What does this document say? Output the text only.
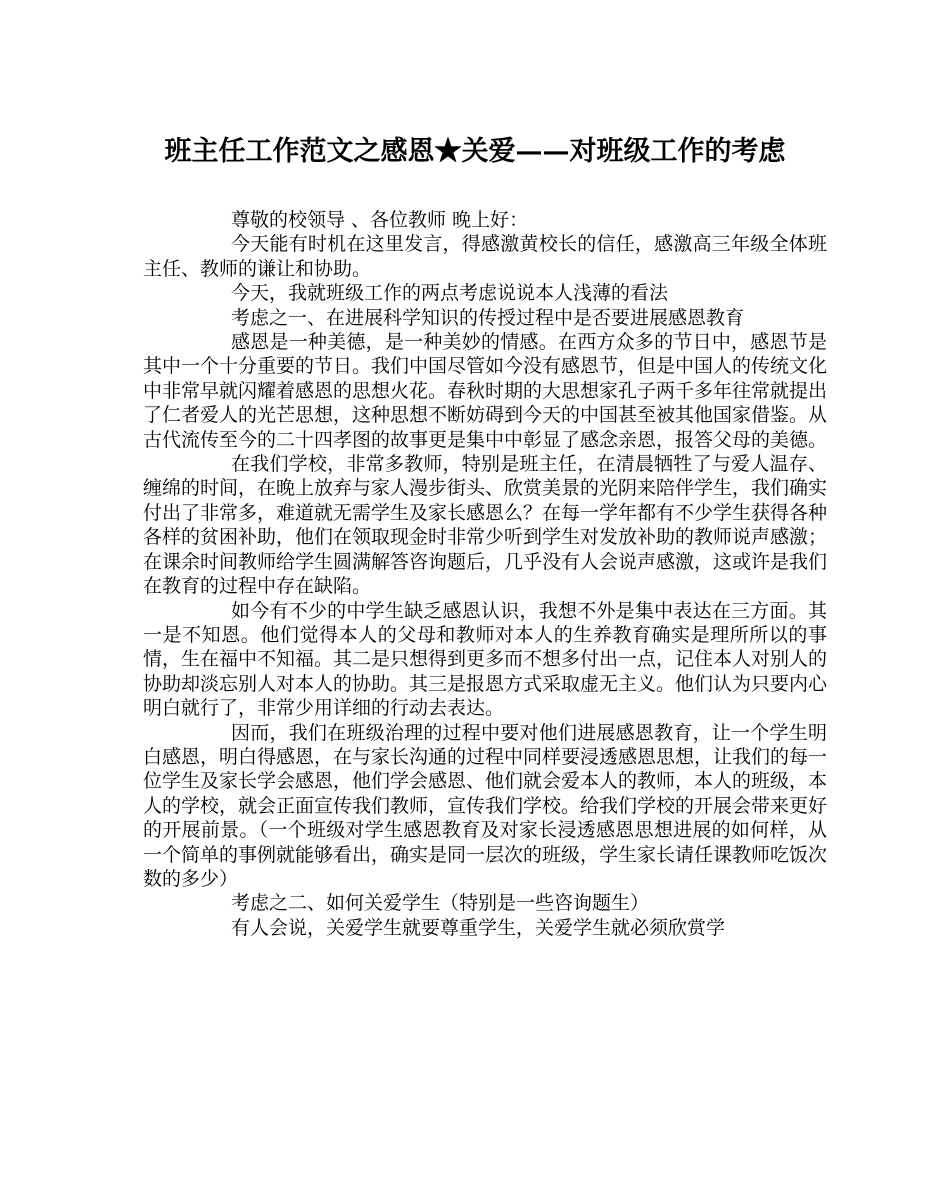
班主任工作范文之感恩★关爱——对班级工作的考虑

尊敬的校领导 、各位教师 晚上好：

今天能有时机在这里发言，得感激黄校长的信任，感激高三年级全体班主任、教师的谦让和协助。

今天，我就班级工作的两点考虑说说本人浅薄的看法

考虑之一、在进展科学知识的传授过程中是否要进展感恩教育

感恩是一种美德，是一种美妙的情感。在西方众多的节日中，感恩节是其中一个十分重要的节日。我们中国尽管如今没有感恩节，但是中国人的传统文化中非常早就闪耀着感恩的思想火花。春秋时期的大思想家孔子两千多年往常就提出了仁者爱人的光芒思想，这种思想不断妨碍到今天的中国甚至被其他国家借鉴。从古代流传至今的二十四孝图的故事更是集中中彰显了感念亲恩，报答父母的美德。

在我们学校，非常多教师，特别是班主任，在清晨牺牲了与爱人温存、缠绵的时间，在晚上放弃与家人漫步街头、欣赏美景的光阴来陪伴学生，我们确实付出了非常多，难道就无需学生及家长感恩么？在每一学年都有不少学生获得各种各样的贫困补助，他们在领取现金时非常少听到学生对发放补助的教师说声感激；在课余时间教师给学生圆满解答咨询题后，几乎没有人会说声感激，这或许是我们在教育的过程中存在缺陷。

如今有不少的中学生缺乏感恩认识，我想不外是集中表达在三方面。其一是不知恩。他们觉得本人的父母和教师对本人的生养教育确实是理所所以的事情，生在福中不知福。其二是只想得到更多而不想多付出一点，记住本人对别人的协助却淡忘别人对本人的协助。其三是报恩方式采取虚无主义。他们认为只要内心明白就行了，非常少用详细的行动去表达。

因而，我们在班级治理的过程中要对他们进展感恩教育，让一个学生明白感恩，明白得感恩，在与家长沟通的过程中同样要浸透感恩思想，让我们的每一位学生及家长学会感恩，他们学会感恩、他们就会爱本人的教师，本人的班级，本人的学校，就会正面宣传我们教师，宣传我们学校。给我们学校的开展会带来更好的开展前景。（一个班级对学生感恩教育及对家长浸透感恩思想进展的如何样，从一个简单的事例就能够看出，确实是同一层次的班级，学生家长请任课教师吃饭次数的多少）

考虑之二、如何关爱学生（特别是一些咨询题生）

有人会说，关爱学生就要尊重学生，关爱学生就必须欣赏学
